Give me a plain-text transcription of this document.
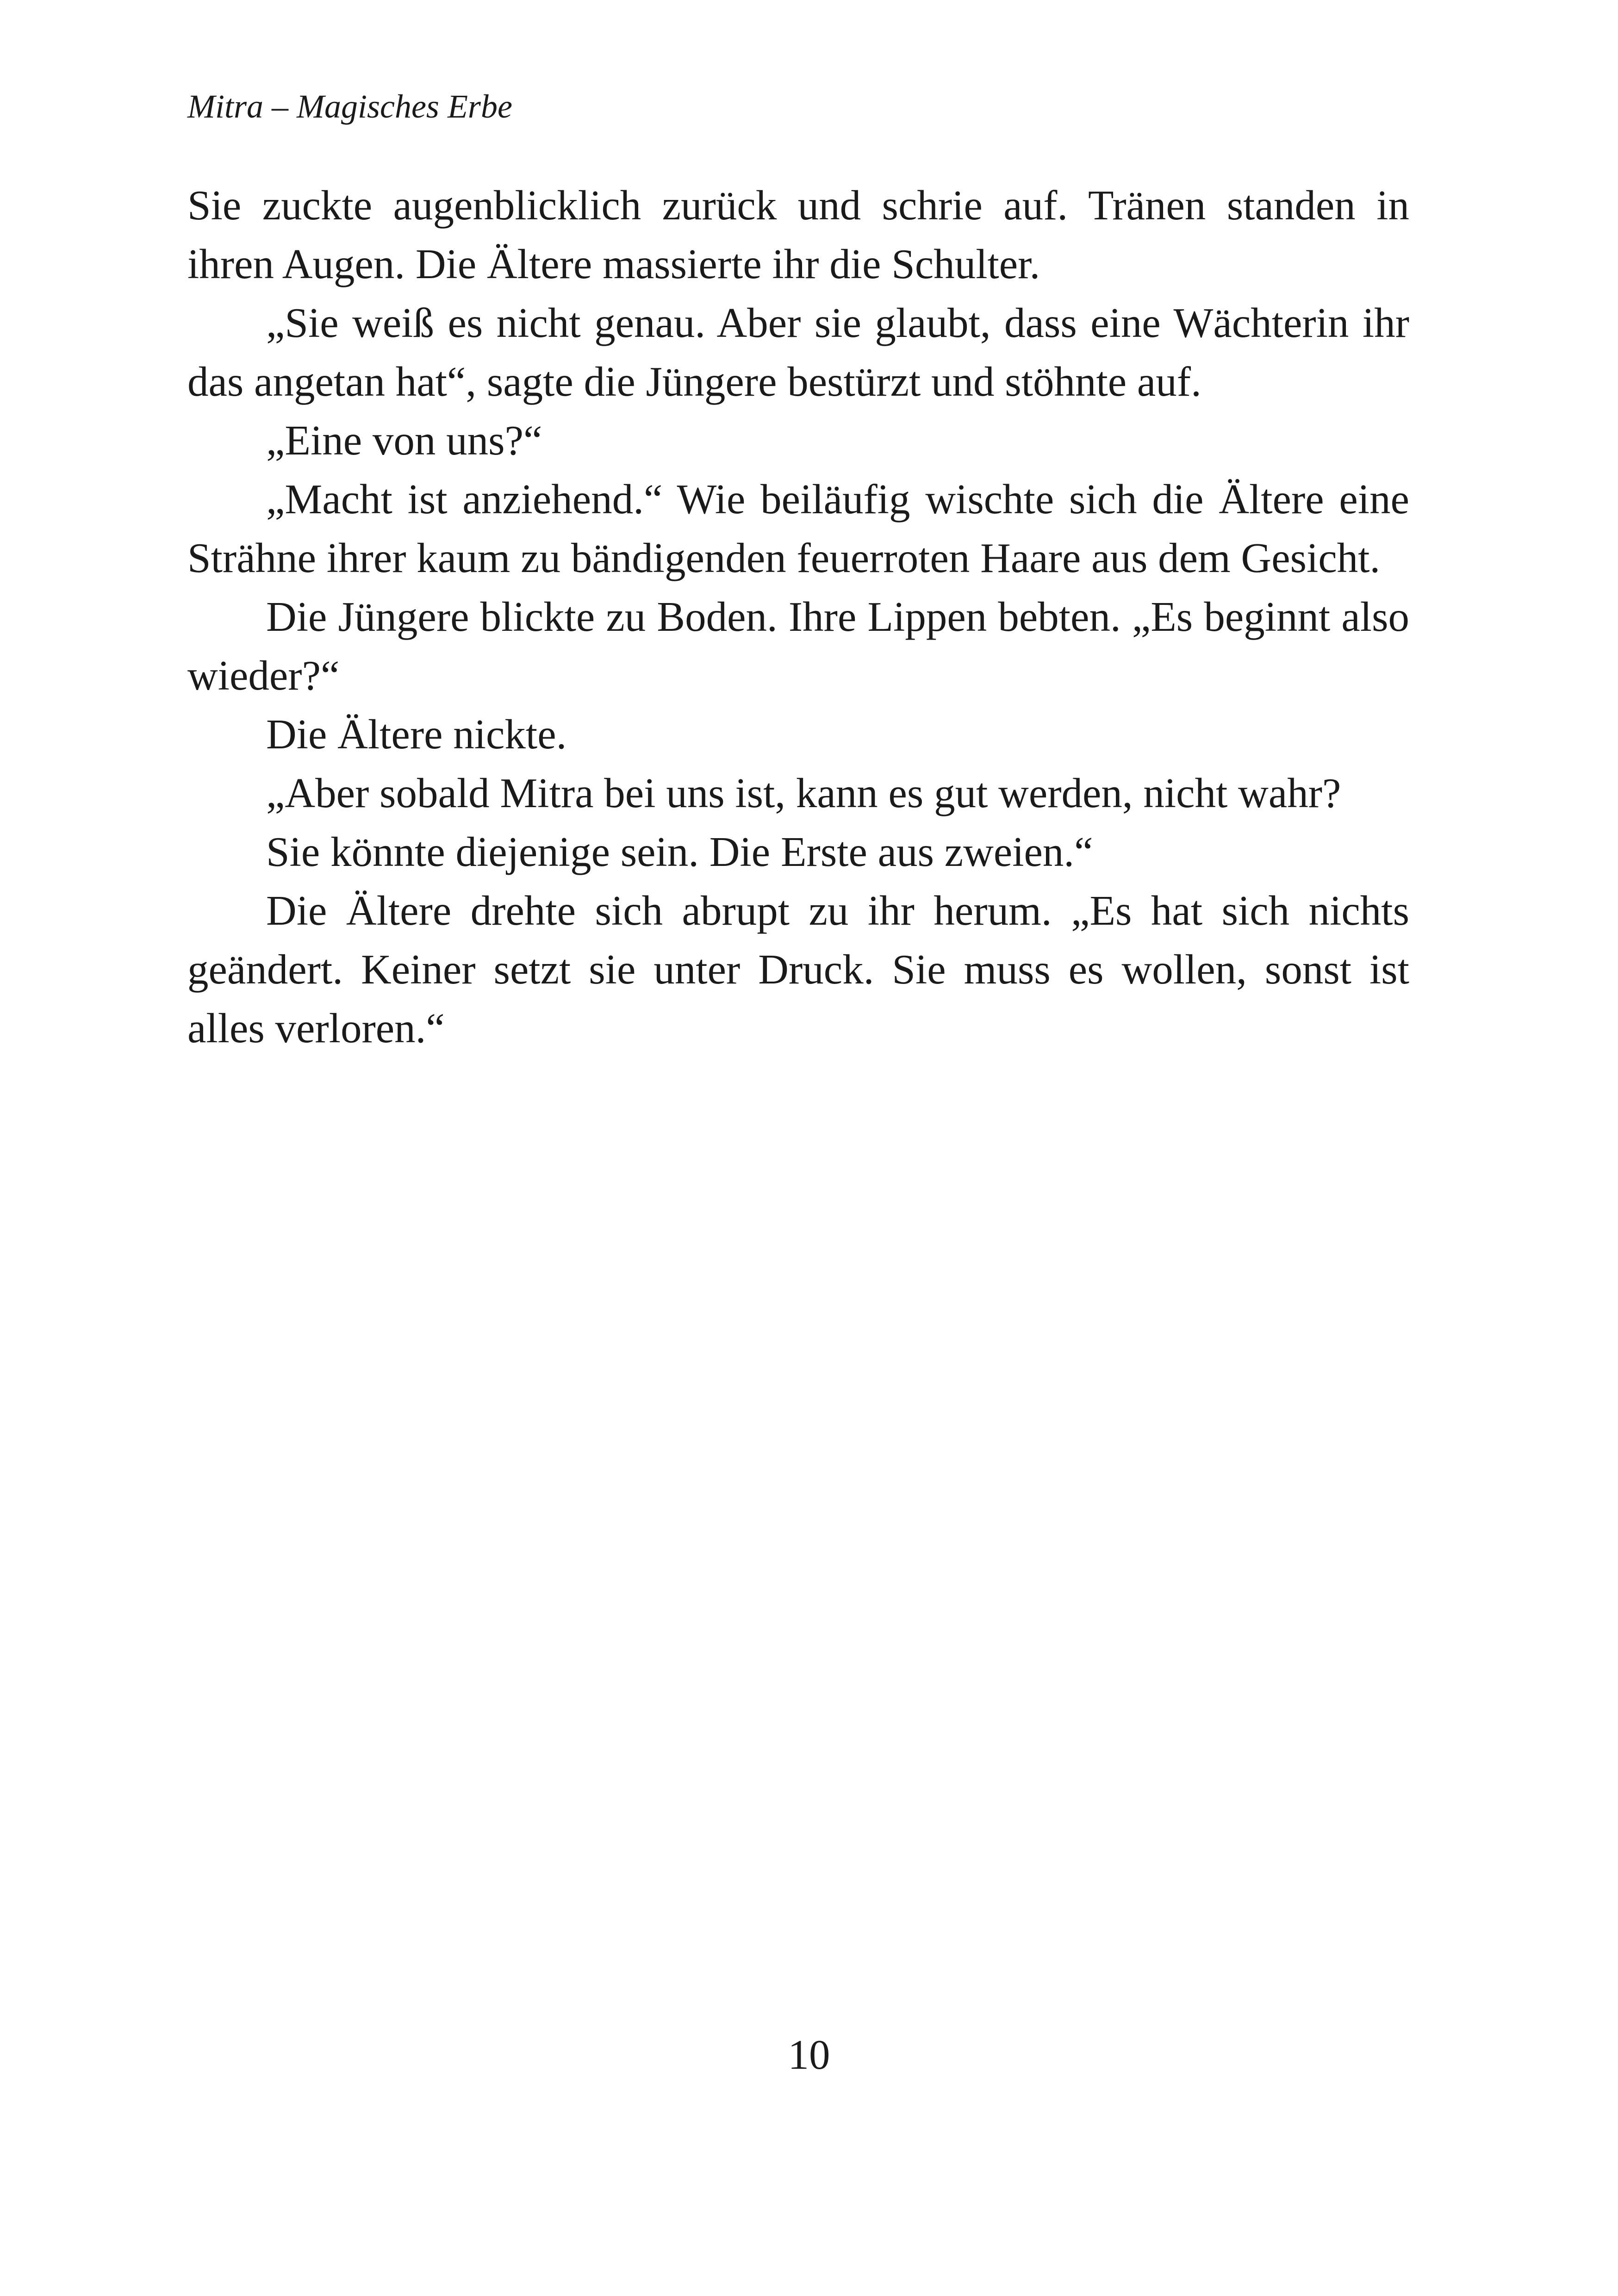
Mitra – Magisches Erbe

Sie zuckte augenblicklich zurück und schrie auf. Tränen standen in ihren Augen. Die Ältere massierte ihr die Schulter.

„Sie weiß es nicht genau. Aber sie glaubt, dass eine Wächterin ihr das angetan hat“, sagte die Jüngere bestürzt und stöhnte auf.

„Eine von uns?“

„Macht ist anziehend.“ Wie beiläufig wischte sich die Ältere eine Strähne ihrer kaum zu bändigenden feuerroten Haare aus dem Gesicht.

Die Jüngere blickte zu Boden. Ihre Lippen bebten. „Es beginnt also wieder?“

Die Ältere nickte.

„Aber sobald Mitra bei uns ist, kann es gut werden, nicht wahr?

Sie könnte diejenige sein. Die Erste aus zweien.“

Die Ältere drehte sich abrupt zu ihr herum. „Es hat sich nichts geändert. Keiner setzt sie unter Druck. Sie muss es wollen, sonst ist alles verloren.“

10
